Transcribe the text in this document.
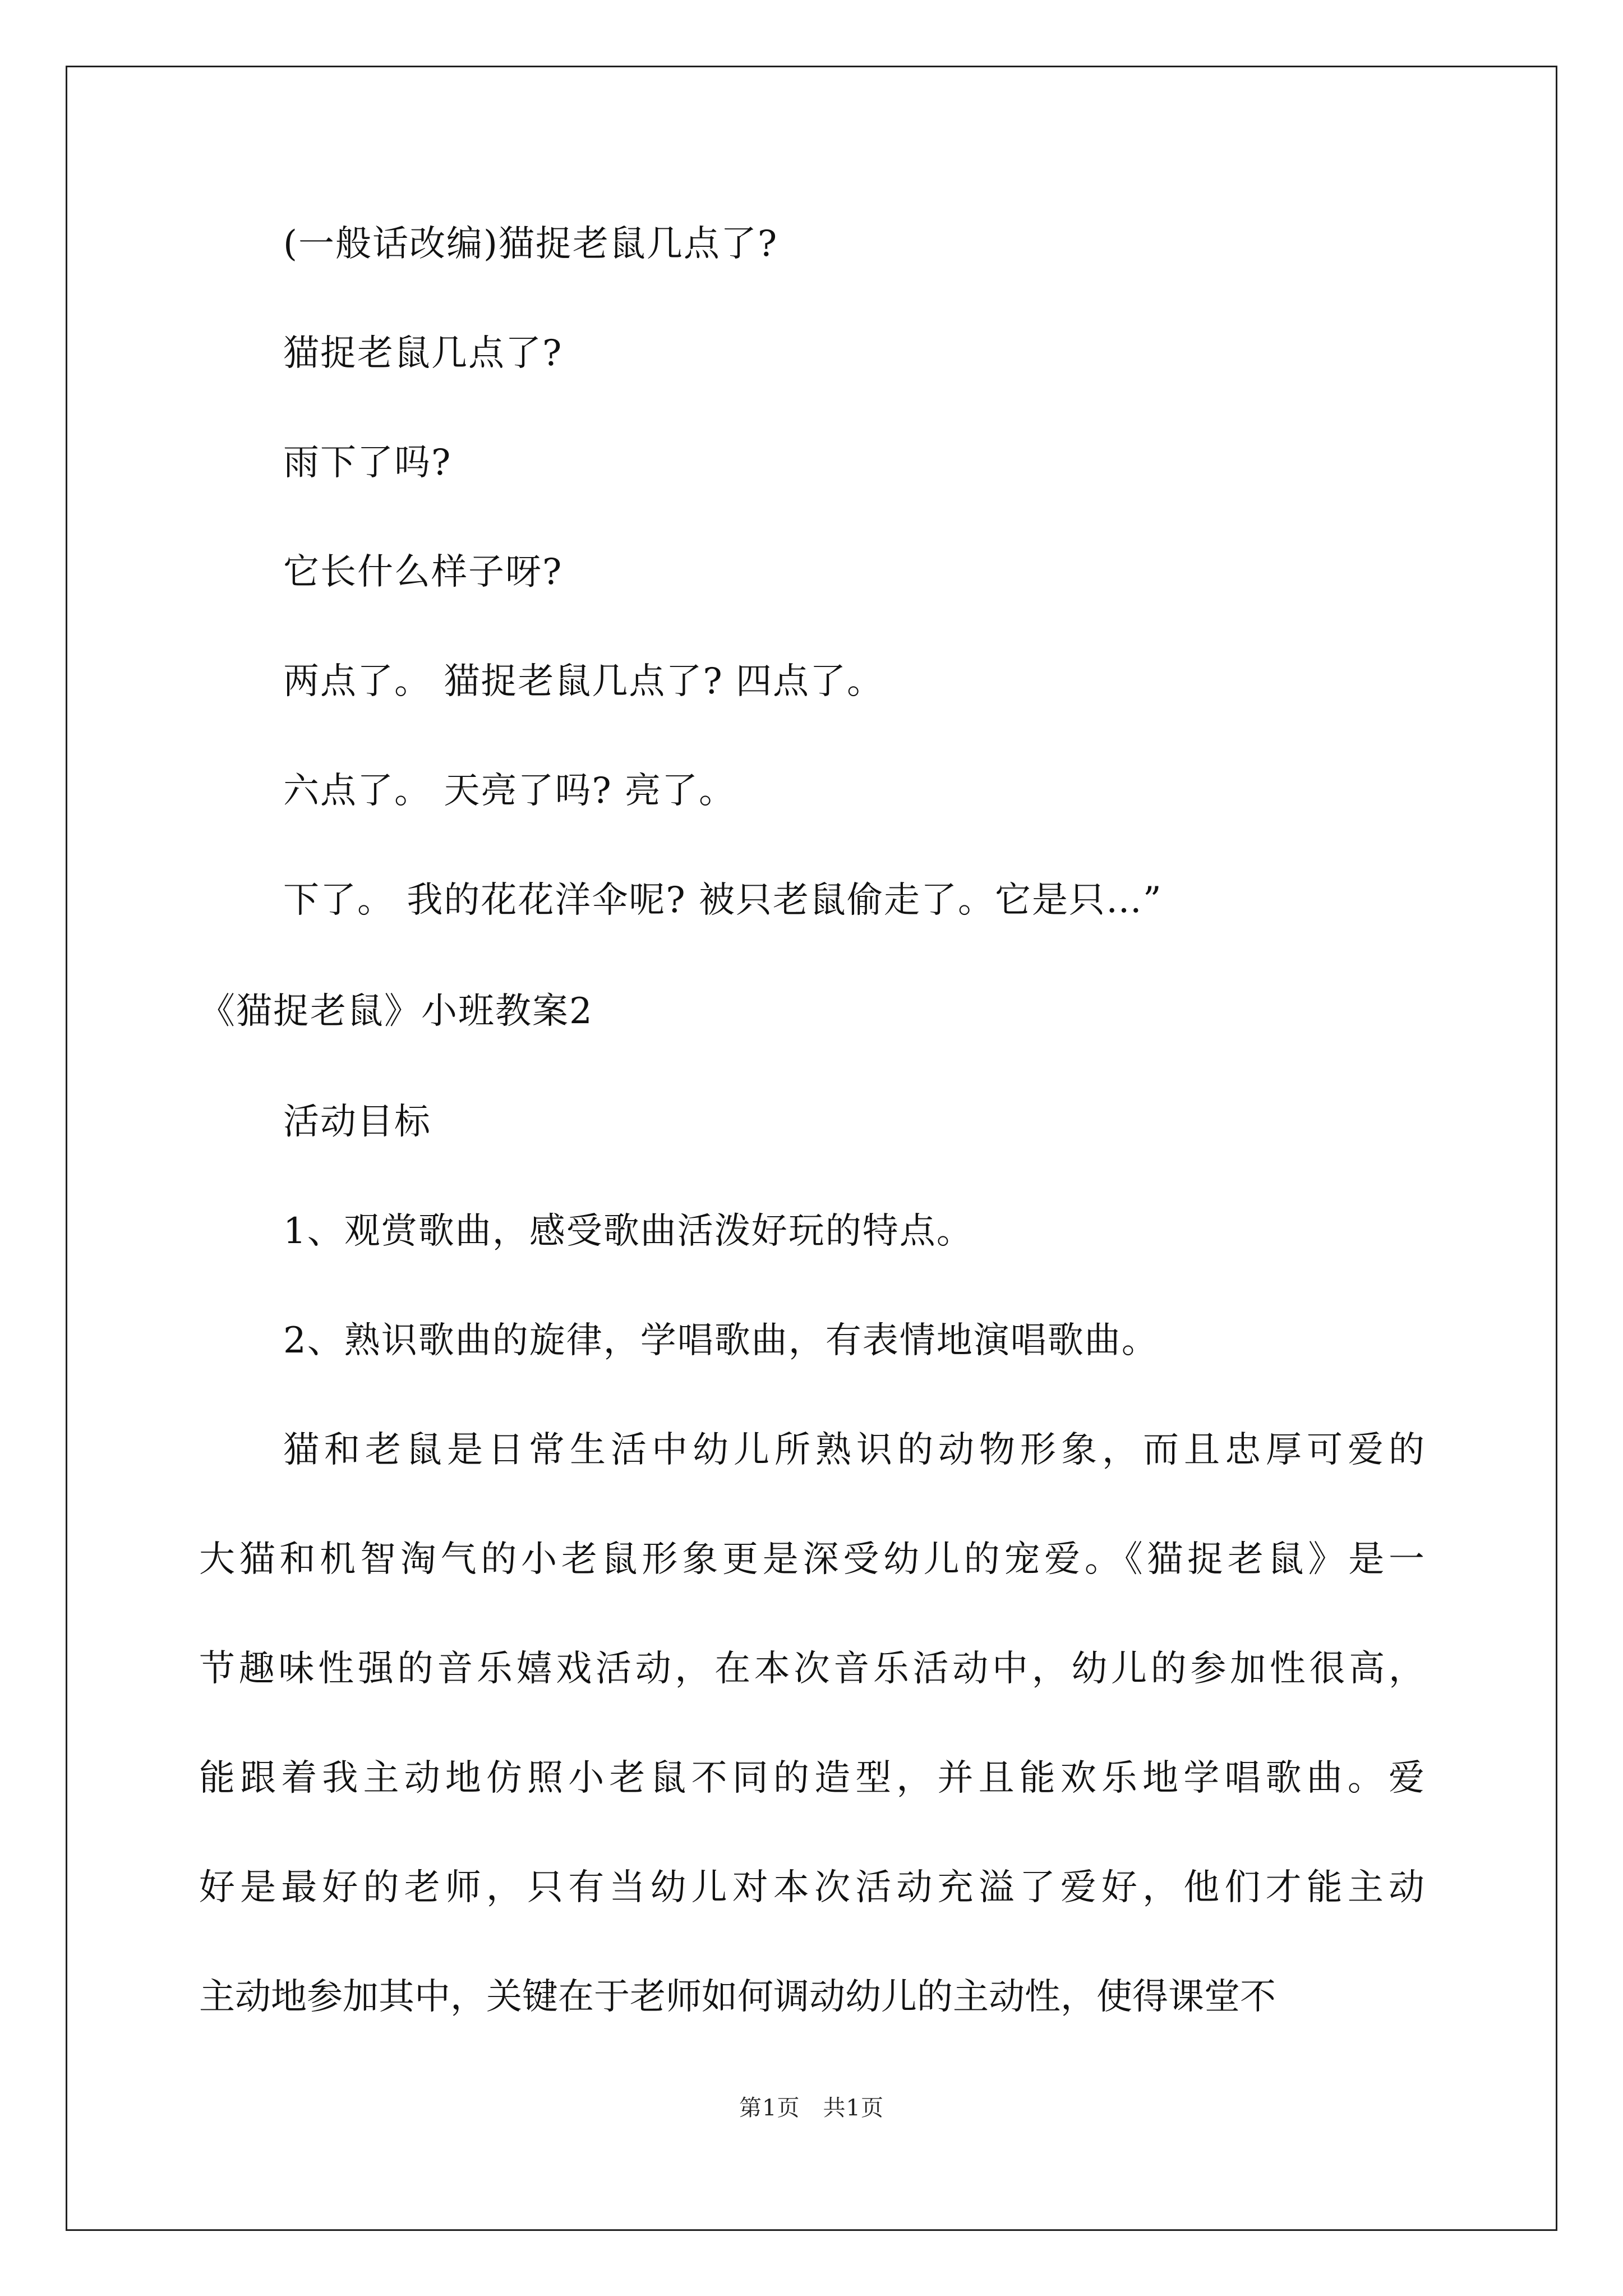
(一般话改编)猫捉老鼠几点了?
猫捉老鼠几点了?
雨下了吗?
它长什么样子呀?
两点了。 猫捉老鼠几点了? 四点了。
六点了。 天亮了吗? 亮了。
下了。 我的花花洋伞呢? 被只老鼠偷走了。它是只…”
《猫捉老鼠》小班教案2
活动目标
1、观赏歌曲，感受歌曲活泼好玩的特点。
2、熟识歌曲的旋律，学唱歌曲，有表情地演唱歌曲。
猫和老鼠是日常生活中幼儿所熟识的动物形象，而且忠厚可爱的
大猫和机智淘气的小老鼠形象更是深受幼儿的宠爱。《猫捉老鼠》是一
节趣味性强的音乐嬉戏活动，在本次音乐活动中，幼儿的参加性很高，
能跟着我主动地仿照小老鼠不同的造型，并且能欢乐地学唱歌曲。爱
好是最好的老师，只有当幼儿对本次活动充溢了爱好，他们才能主动
主动地参加其中，关键在于老师如何调动幼儿的主动性，使得课堂不
第1页　共1页
